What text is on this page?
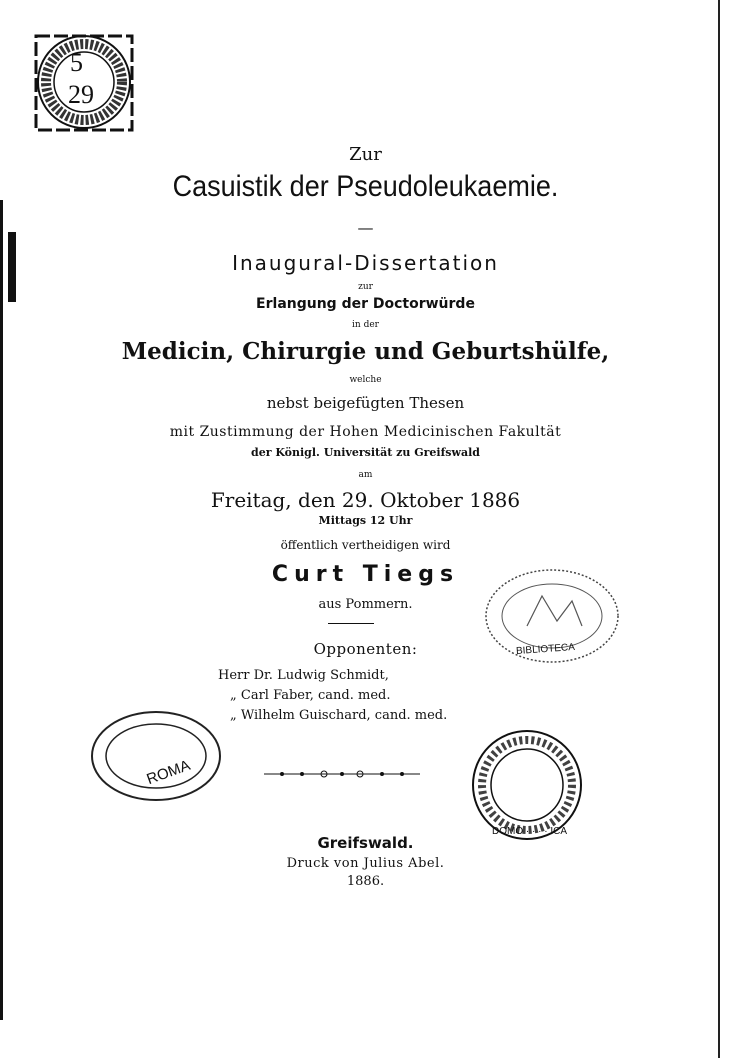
5
29
Zur
Casuistik der Pseudoleukaemie.
—
Inaugural-Dissertation
zur
Erlangung der Doctorwürde
in der
Medicin, Chirurgie und Geburtshülfe,
welche
nebst beigefügten Thesen
mit Zustimmung der Hohen Medicinischen Fakultät
der Königl. Universität zu Greifswald
am
Freitag, den 29. Oktober 1886
Mittags 12 Uhr
öffentlich vertheidigen wird
Curt Tiegs
aus Pommern.
Opponenten:
Herr Dr. Ludwig Schmidt,
„ Carl Faber, cand. med.
„ Wilhelm Guischard, cand. med.
BIBLIOTECA
ROMA
DOMO · · · · ICA
Greifswald.
Druck von Julius Abel.
1886.
